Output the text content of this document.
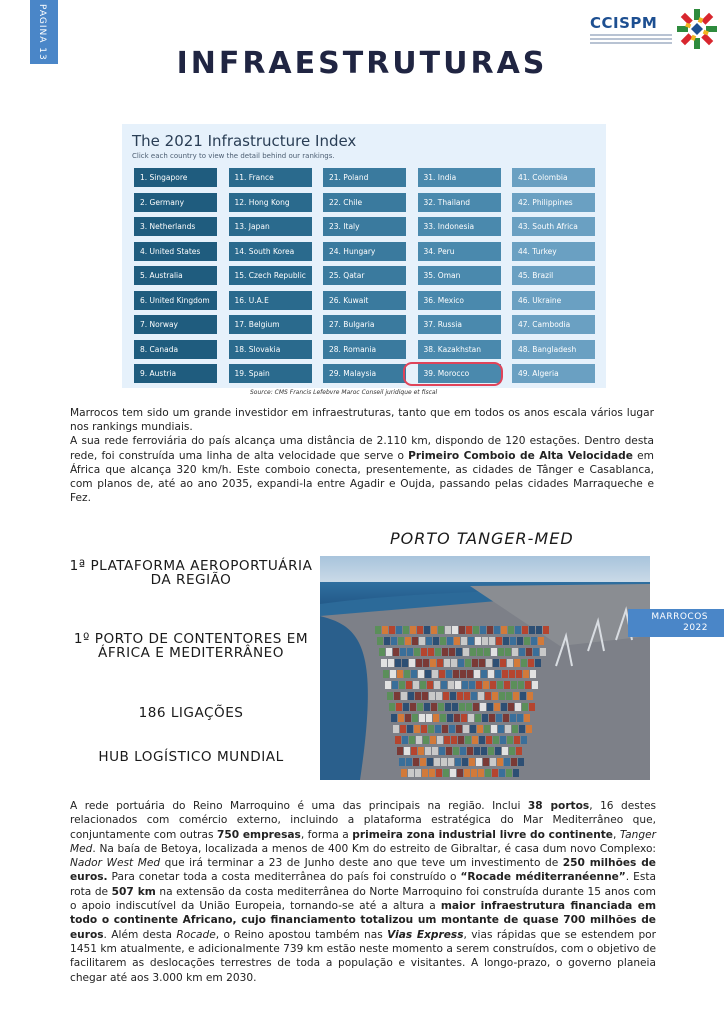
PAGINA 13	CCISPM
INFRAESTRUTURAS
The 2021 Infrastructure Index
Click each country to view the detail behind our rankings.
1. Singapore
2. Germany
3. Netherlands
4. United States
5. Australia
6. United Kingdom
7. Norway
8. Canada
9. Austria
11. France
12. Hong Kong
13. Japan
14. South Korea
15. Czech Republic
16. U.A.E
17. Belgium
18. Slovakia
19. Spain
21. Poland
22. Chile
23. Italy
24. Hungary
25. Qatar
26. Kuwait
27. Bulgaria
28. Romania
29. Malaysia
31. India
32. Thailand
33. Indonesia
34. Peru
35. Oman
36. Mexico
37. Russia
38. Kazakhstan
39. Morocco
41. Colombia
42. Philippines
43. South Africa
44. Turkey
45. Brazil
46. Ukraine
47. Cambodia
48. Bangladesh
49. Algeria
Source: CMS Francis Lefebvre Maroc Conseil juridique et fiscal

Marrocos tem sido um grande investidor em infraestruturas, tanto que em todos os anos escala vários lugar nos rankings mundiais.

A sua rede ferroviária do país alcança uma distância de 2.110 km, dispondo de 120 estações. Dentro desta rede, foi construída uma linha de alta velocidade que serve o Primeiro Comboio de Alta Velocidade em África que alcança 320 km/h. Este comboio conecta, presentemente, as cidades de Tânger e Casablanca, com planos de, até ao ano 2035, expandi-la entre Agadir e Oujda, passando pelas cidades Marraqueche e Fez.

PORTO TANGER-MED
1ª PLATAFORMA AEROPORTUÁRIA DA REGIÃO
1º PORTO DE CONTENTORES EM ÁFRICA E MEDITERRÂNEO
186 LIGAÇÕES
HUB LOGÍSTICO MUNDIAL
MARROCOS
2022
A rede portuária do Reino Marroquino é uma das principais na região. Inclui 38 portos, 16 destes relacionados com comércio externo, incluindo a plataforma estratégica do Mar Mediterrâneo que, conjuntamente com outras 750 empresas, forma a primeira zona industrial livre do continente, Tanger Med. Na baía de Betoya, localizada a menos de 400 Km do estreito de Gibraltar, é casa dum novo Complexo: Nador West Med que irá terminar a 23 de Junho deste ano que teve um investimento de 250 milhões de euros. Para conetar toda a costa mediterrânea do país foi construído o “Rocade méditerranéenne”. Esta rota de 507 km na extensão da costa mediterrânea do Norte Marroquino foi construída durante 15 anos com o apoio indiscutível da União Europeia, tornando-se até a altura a maior infraestrutura financiada em todo o continente Africano, cujo financiamento totalizou um montante de quase 700 milhões de euros. Além desta Rocade, o Reino apostou também nas Vias Express, vias rápidas que se estendem por 1451 km atualmente, e adicionalmente 739 km estão neste momento a serem construídos, com o objetivo de facilitarem as deslocações terrestres de toda a população e visitantes. A longo-prazo, o governo planeia chegar até aos 3.000 km em 2030.
